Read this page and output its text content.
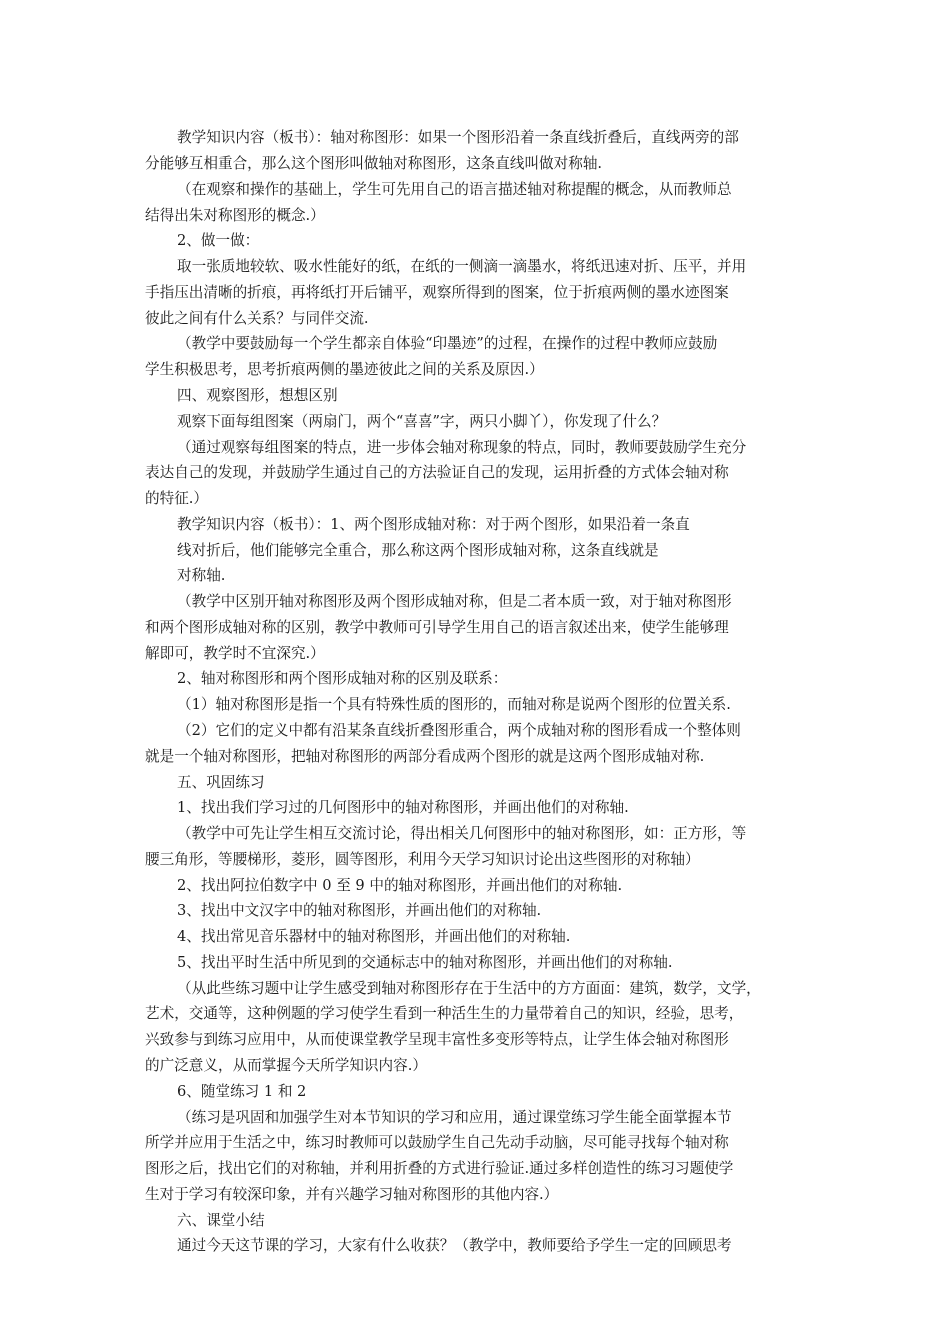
教学知识内容（板书）：轴对称图形：如果一个图形沿着一条直线折叠后，直线两旁的部
分能够互相重合，那么这个图形叫做轴对称图形，这条直线叫做对称轴.
（在观察和操作的基础上，学生可先用自己的语言描述轴对称提醒的概念，从而教师总
结得出朱对称图形的概念.）
2、做一做：
取一张质地较软、吸水性能好的纸，在纸的一侧滴一滴墨水，将纸迅速对折、压平，并用
手指压出清晰的折痕，再将纸打开后铺平，观察所得到的图案，位于折痕两侧的墨水迹图案
彼此之间有什么关系？与同伴交流.
（教学中要鼓励每一个学生都亲自体验“印墨迹”的过程，在操作的过程中教师应鼓励
学生积极思考，思考折痕两侧的墨迹彼此之间的关系及原因.）
四、观察图形，想想区别
观察下面每组图案（两扇门，两个“喜喜”字，两只小脚丫），你发现了什么？
（通过观察每组图案的特点，进一步体会轴对称现象的特点，同时，教师要鼓励学生充分
表达自己的发现，并鼓励学生通过自己的方法验证自己的发现，运用折叠的方式体会轴对称
的特征.）
教学知识内容（板书）：1、两个图形成轴对称：对于两个图形，如果沿着一条直
线对折后，他们能够完全重合，那么称这两个图形成轴对称，这条直线就是
对称轴.
（教学中区别开轴对称图形及两个图形成轴对称，但是二者本质一致，对于轴对称图形
和两个图形成轴对称的区别，教学中教师可引导学生用自己的语言叙述出来，使学生能够理
解即可，教学时不宜深究.）
2、轴对称图形和两个图形成轴对称的区别及联系：
（1）轴对称图形是指一个具有特殊性质的图形的，而轴对称是说两个图形的位置关系.
（2）它们的定义中都有沿某条直线折叠图形重合，两个成轴对称的图形看成一个整体则
就是一个轴对称图形，把轴对称图形的两部分看成两个图形的就是这两个图形成轴对称.
五、巩固练习
1、找出我们学习过的几何图形中的轴对称图形，并画出他们的对称轴.
（教学中可先让学生相互交流讨论，得出相关几何图形中的轴对称图形，如：正方形，等
腰三角形，等腰梯形，菱形，圆等图形，利用今天学习知识讨论出这些图形的对称轴）
2、找出阿拉伯数字中 0 至 9 中的轴对称图形，并画出他们的对称轴.
3、找出中文汉字中的轴对称图形，并画出他们的对称轴.
4、找出常见音乐器材中的轴对称图形，并画出他们的对称轴.
5、找出平时生活中所见到的交通标志中的轴对称图形，并画出他们的对称轴.
（从此些练习题中让学生感受到轴对称图形存在于生活中的方方面面：建筑，数学，文学，
艺术，交通等，这种例题的学习使学生看到一种活生生的力量带着自己的知识，经验，思考，
兴致参与到练习应用中，从而使课堂教学呈现丰富性多变形等特点，让学生体会轴对称图形
的广泛意义，从而掌握今天所学知识内容.）
6、随堂练习 1 和 2
（练习是巩固和加强学生对本节知识的学习和应用，通过课堂练习学生能全面掌握本节
所学并应用于生活之中，练习时教师可以鼓励学生自己先动手动脑，尽可能寻找每个轴对称
图形之后，找出它们的对称轴，并利用折叠的方式进行验证.通过多样创造性的练习习题使学
生对于学习有较深印象，并有兴趣学习轴对称图形的其他内容.）
六、课堂小结
通过今天这节课的学习，大家有什么收获？（教学中，教师要给予学生一定的回顾思考
